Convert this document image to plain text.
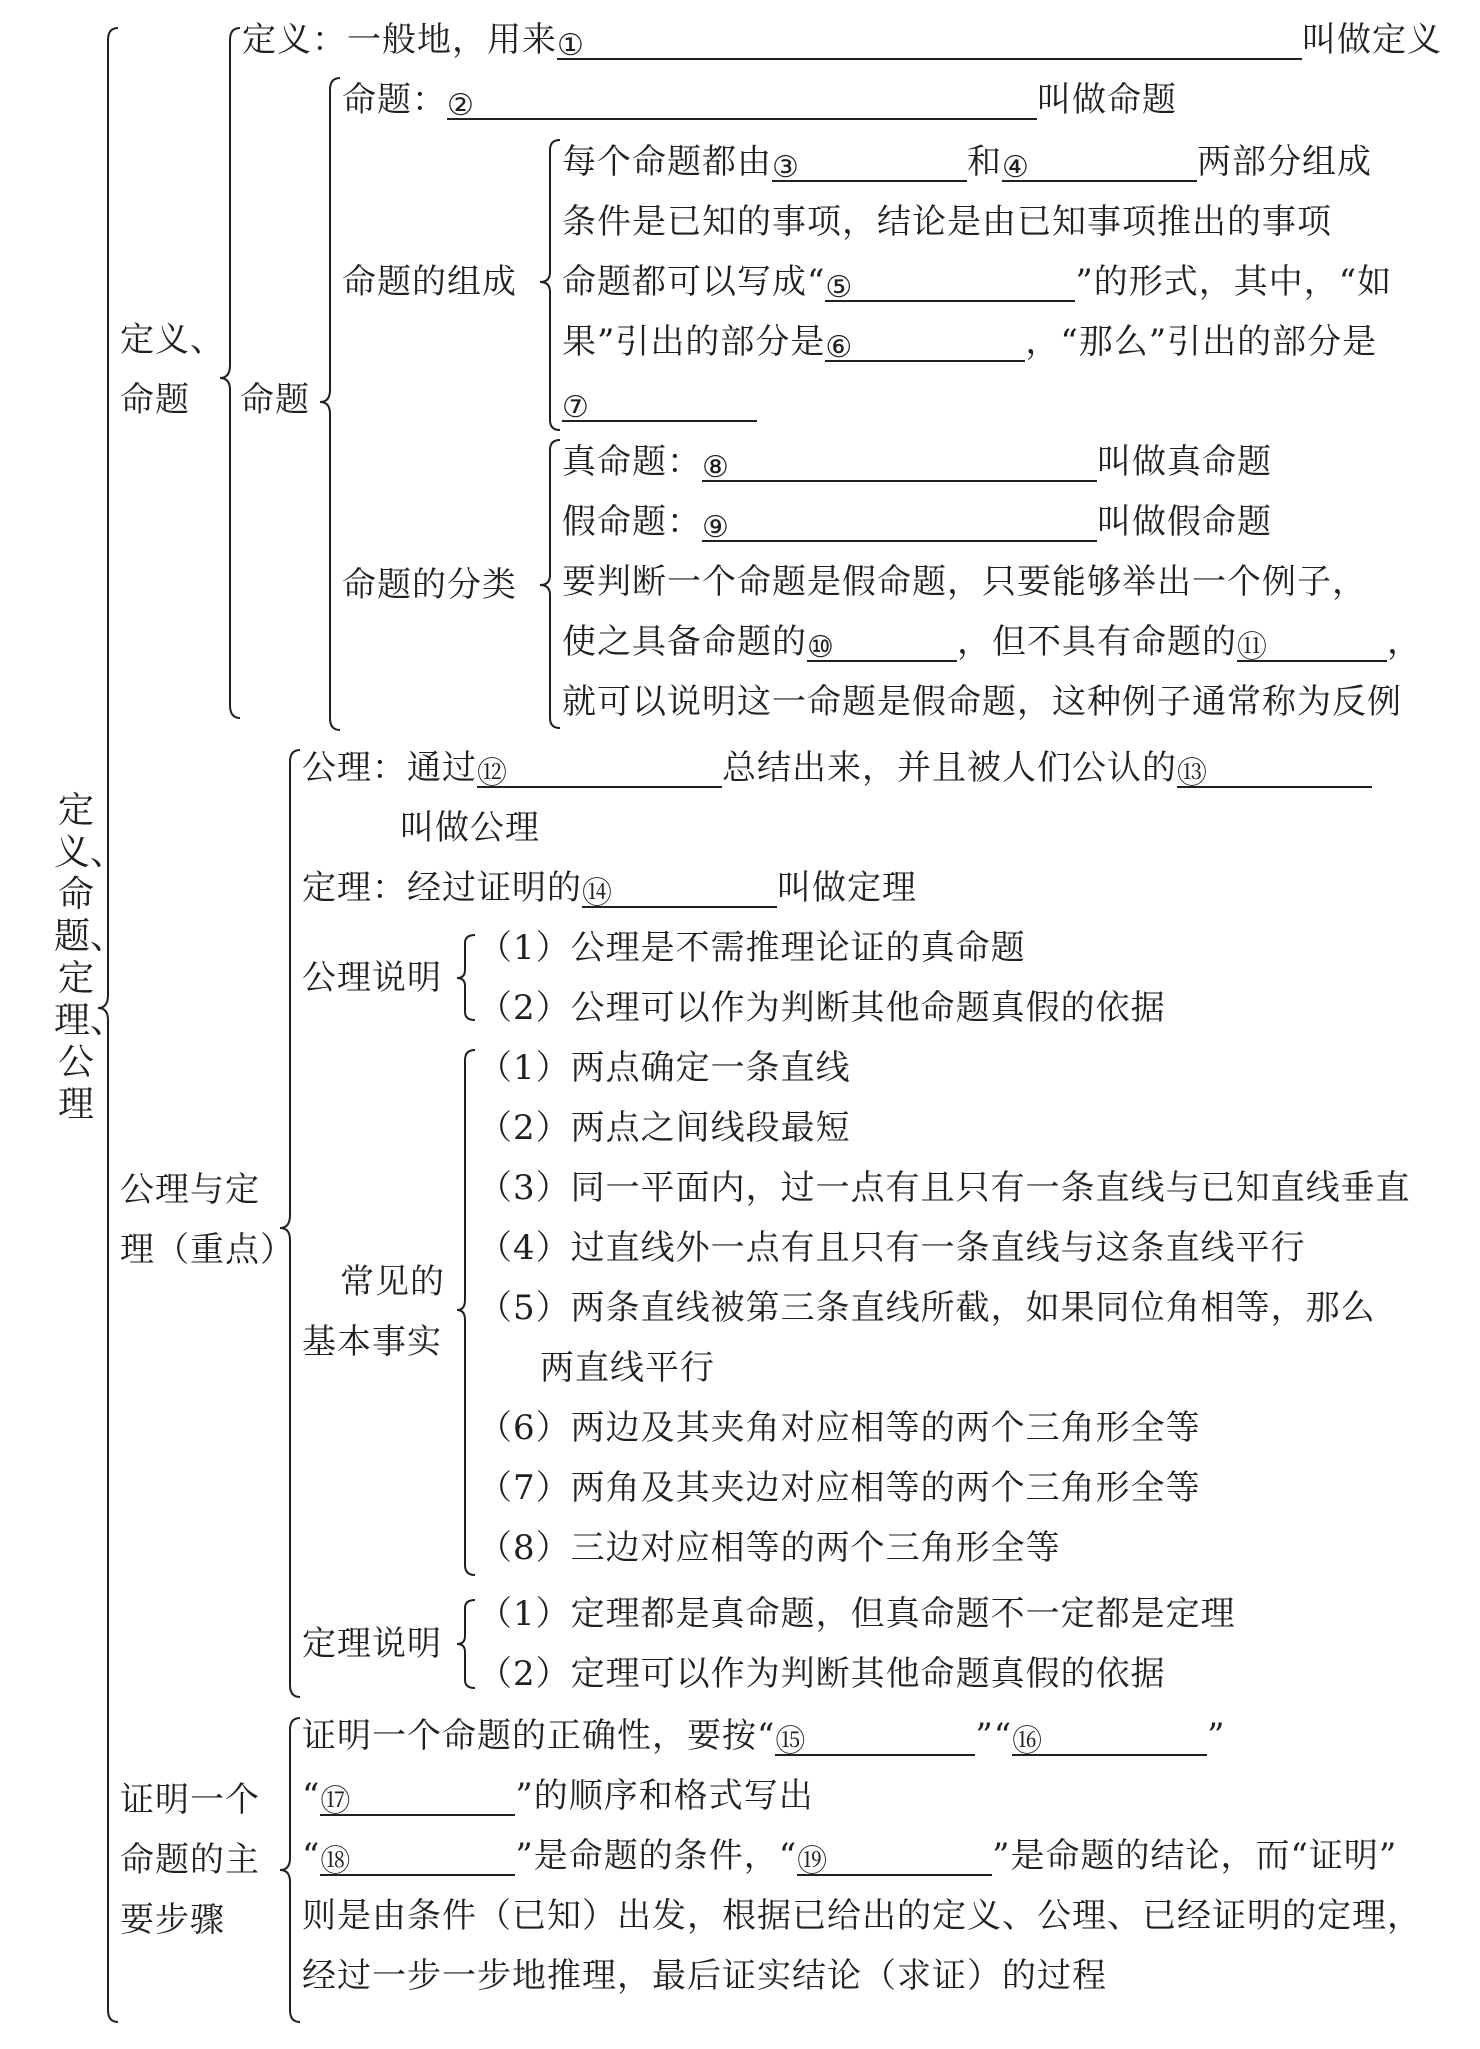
定义、命题、定理、公理
定义、
命题
定义：一般地，用来①	叫做定义
命题
命题：②	叫做命题
命题的组成
每个命题都由③	和④	两部分组成
条件是已知的事项，结论是由已知事项推出的事项
命题都可以写成“⑤	”的形式，其中，“如
果”引出的部分是⑥	，“那么”引出的部分是
⑦
命题的分类
真命题：⑧	叫做真命题
假命题：⑨	叫做假命题
要判断一个命题是假命题，只要能够举出一个例子，
使之具备命题的⑩	，但不具有命题的⑪	，
就可以说明这一命题是假命题，这种例子通常称为反例
公理与定
理（重点）
公理：通过⑫	总结出来，并且被人们公认的⑬
叫做公理
定理：经过证明的⑭	叫做定理
公理说明
（1）公理是不需推理论证的真命题
（2）公理可以作为判断其他命题真假的依据
常见的
基本事实
（1）两点确定一条直线
（2）两点之间线段最短
（3）同一平面内，过一点有且只有一条直线与已知直线垂直
（4）过直线外一点有且只有一条直线与这条直线平行
（5）两条直线被第三条直线所截，如果同位角相等，那么
两直线平行
（6）两边及其夹角对应相等的两个三角形全等
（7）两角及其夹边对应相等的两个三角形全等
（8）三边对应相等的两个三角形全等
定理说明
（1）定理都是真命题，但真命题不一定都是定理
（2）定理可以作为判断其他命题真假的依据
证明一个
命题的主
要步骤
证明一个命题的正确性，要按“⑮	”“⑯	”
“⑰	”的顺序和格式写出
“⑱	”是命题的条件，“⑲	”是命题的结论，而“证明”
则是由条件（已知）出发，根据已给出的定义、公理、已经证明的定理，
经过一步一步地推理，最后证实结论（求证）的过程
